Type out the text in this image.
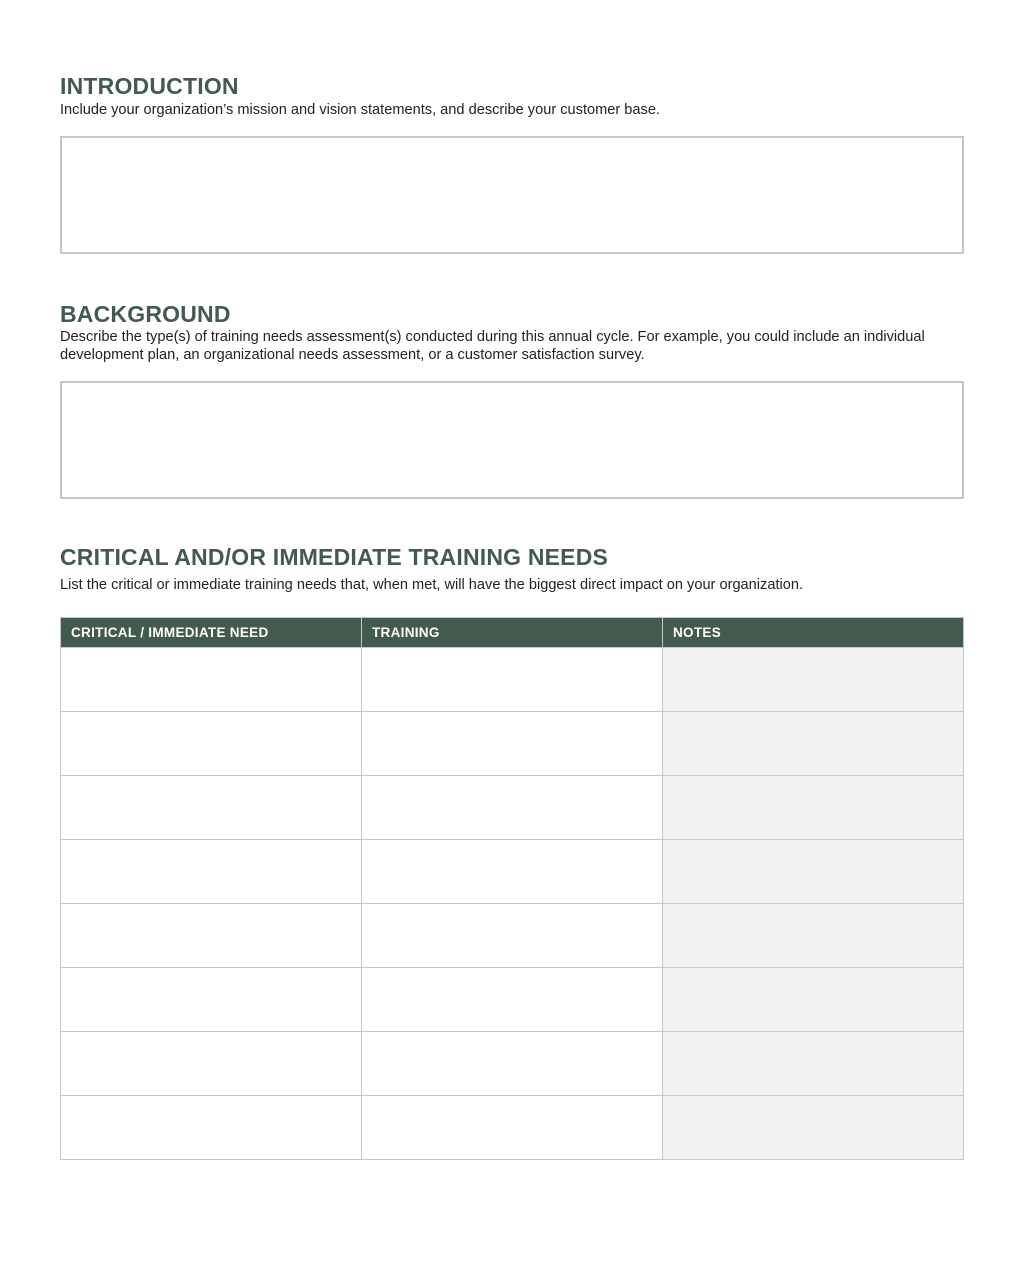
INTRODUCTION

Include your organization’s mission and vision statements, and describe your customer base.

BACKGROUND

Describe the type(s) of training needs assessment(s) conducted during this annual cycle. For example, you could include an individual development plan, an organizational needs assessment, or a customer satisfaction survey.

CRITICAL AND/OR IMMEDIATE TRAINING NEEDS

List the critical or immediate training needs that, when met, will have the biggest direct impact on your organization.

CRITICAL / IMMEDIATE NEED	TRAINING	NOTES
